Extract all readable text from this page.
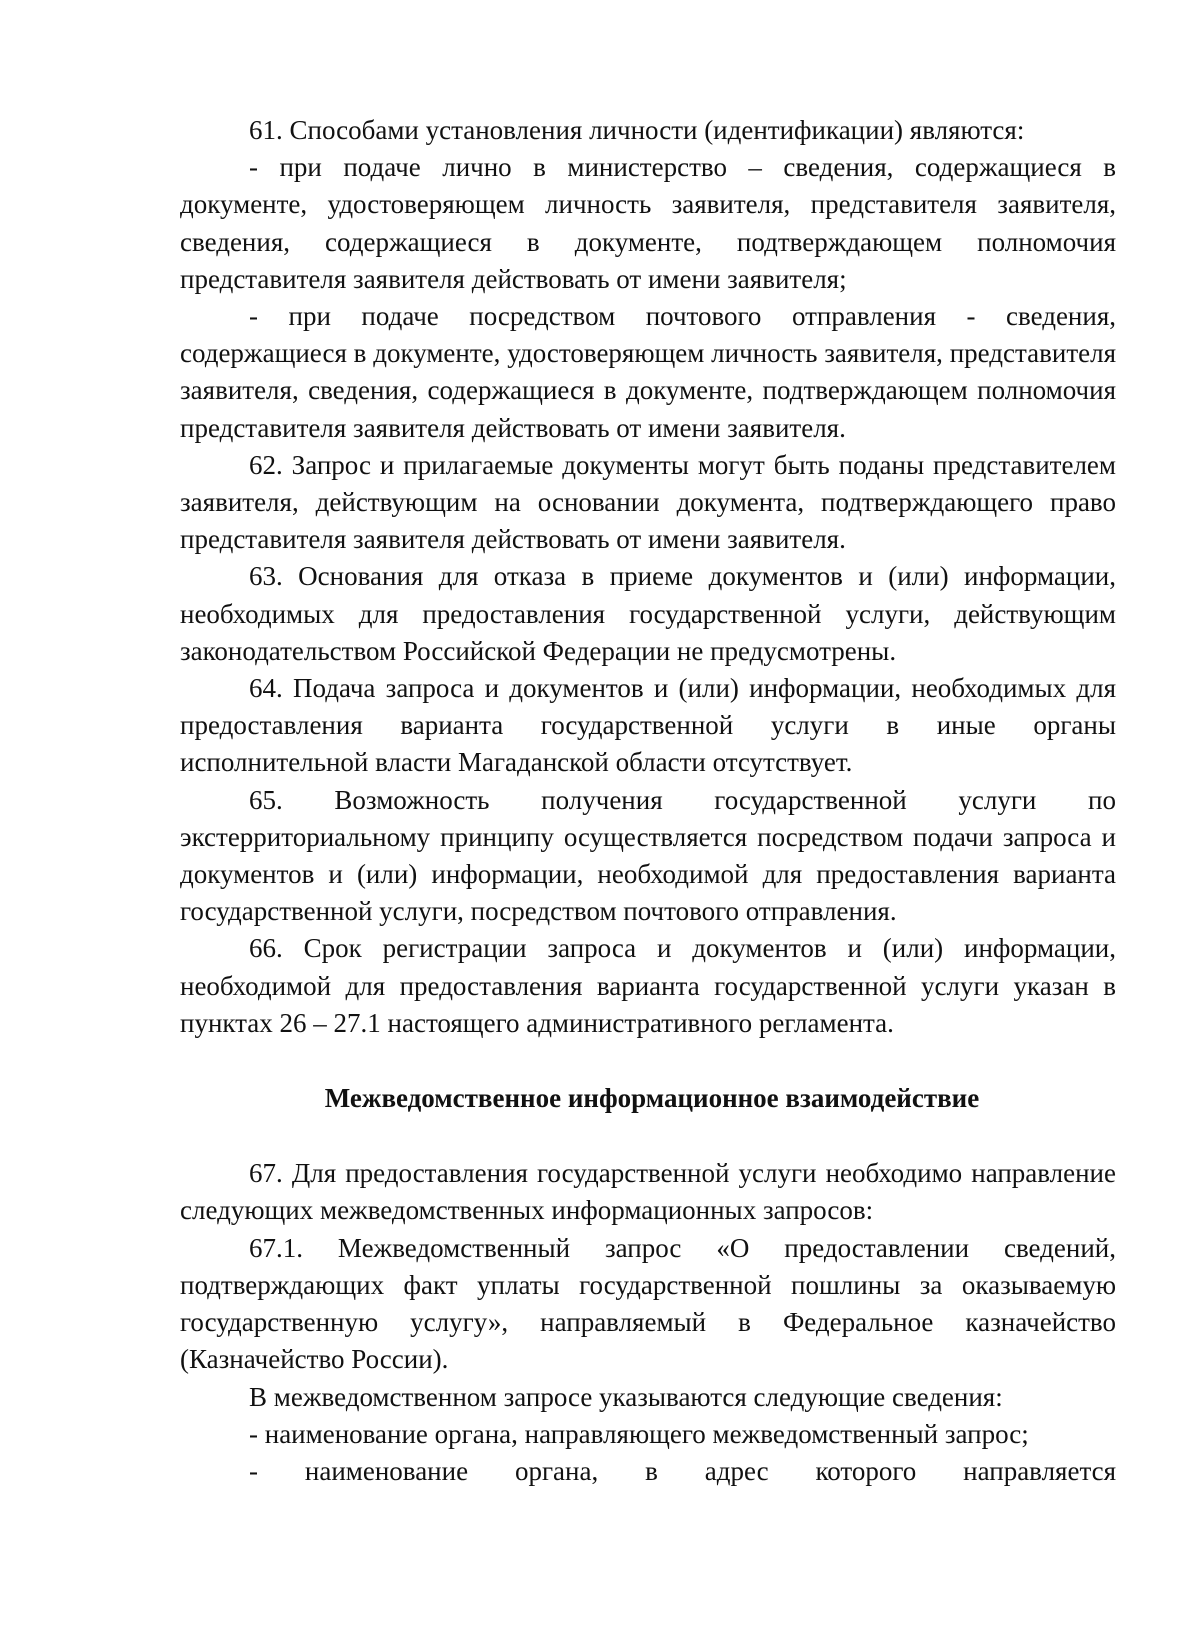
61. Способами установления личности (идентификации) являются:

- при подаче лично в министерство – сведения, содержащиеся в документе, удостоверяющем личность заявителя, представителя заявителя, сведения, содержащиеся в документе, подтверждающем полномочия представителя заявителя действовать от имени заявителя;

- при подаче посредством почтового отправления - сведения, содержащиеся в документе, удостоверяющем личность заявителя, представителя заявителя, сведения, содержащиеся в документе, подтверждающем полномочия представителя заявителя действовать от имени заявителя.

62. Запрос и прилагаемые документы могут быть поданы представителем заявителя, действующим на основании документа, подтверждающего право представителя заявителя действовать от имени заявителя.

63. Основания для отказа в приеме документов и (или) информации, необходимых для предоставления государственной услуги, действующим законодательством Российской Федерации не предусмотрены.

64. Подача запроса и документов и (или) информации, необходимых для предоставления варианта государственной услуги в иные органы исполнительной власти Магаданской области отсутствует.

65. Возможность получения государственной услуги по экстерриториальному принципу осуществляется посредством подачи запроса и документов и (или) информации, необходимой для предоставления варианта государственной услуги, посредством почтового отправления.

66. Срок регистрации запроса и документов и (или) информации, необходимой для предоставления варианта государственной услуги указан в пунктах 26 – 27.1 настоящего административного регламента.

Межведомственное информационное взаимодействие

67. Для предоставления государственной услуги необходимо направление следующих межведомственных информационных запросов:

67.1. Межведомственный запрос «О предоставлении сведений, подтверждающих факт уплаты государственной пошлины за оказываемую государственную услугу», направляемый в Федеральное казначейство (Казначейство России).

В межведомственном запросе указываются следующие сведения:

- наименование органа, направляющего межведомственный запрос;

- наименование органа, в адрес которого направляется
